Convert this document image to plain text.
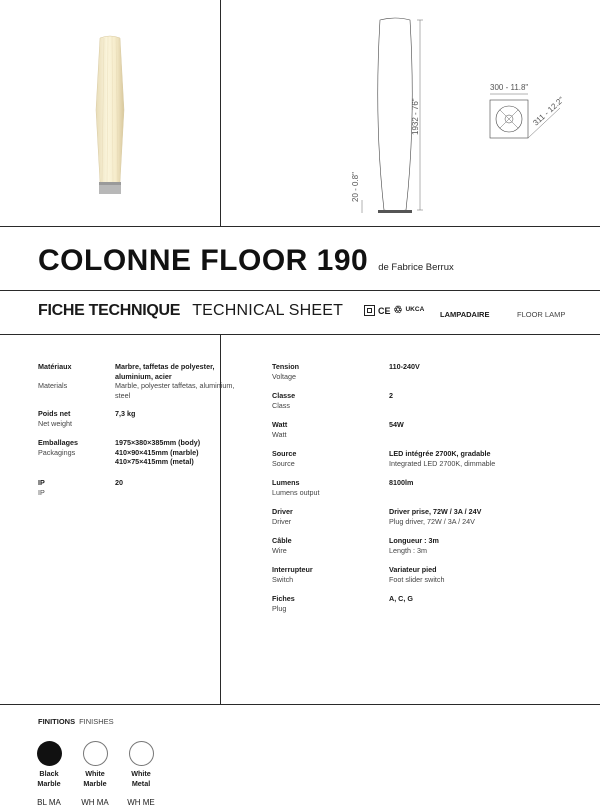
1932 - 76"
20 - 0.8"
300 - 11.8"
311 - 12.2"
COLONNE FLOOR 190 de Fabrice Berrux
FICHE TECHNIQUE TECHNICAL SHEET	CE ♲ UKCA
LAMPADAIRE	FLOOR LAMP
Matériaux
Materials
Marbre, taffetas de polyester, aluminium, acier
Marble, polyester taffetas, aluminium, steel
Poids net
Net weight
7,3 kg
Emballages
Packagings
1975×380×385mm (body)
410×90×415mm (marble)
410×75×415mm (metal)
IP
IP
20
Tension
Voltage
110-240V
Classe
Class
2
Watt
Watt
54W
Source
Source
LED intégrée 2700K, gradable
Integrated LED 2700K, dimmable
Lumens
Lumens output
8100lm
Driver
Driver
Driver prise, 72W / 3A / 24V
Plug driver, 72W / 3A / 24V
Câble
Wire
Longueur : 3m
Length : 3m
Interrupteur
Switch
Variateur pied
Foot slider switch
Fiches
Plug
A, C, G
FINITIONS FINISHES
Black
Marble
BL MA
White
Marble
WH MA
White
Metal
WH ME
